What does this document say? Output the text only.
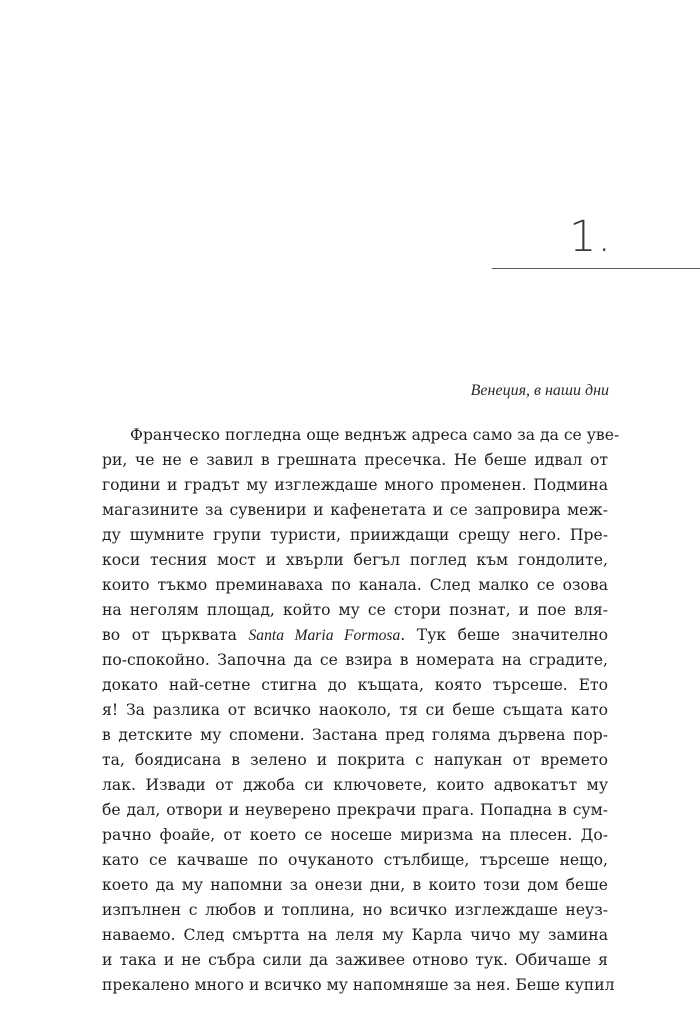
1.
Венеция, в наши дни
Франческо погледна още веднъж адреса само за да се увe-
ри, че не е завил в грешната пресечка. Не беше идвал от
години и градът му изглеждаше много променен. Подмина
магазините за сувенири и кафенетата и се запровира меж-
ду шумните групи туристи, прииждащи срещу него. Пре-
коси тесния мост и хвърли бегъл поглед към гондолите,
които тъкмо преминаваха по канала. След малко се озова
на неголям площад, който му се стори познат, и пое вля-
во от църквата Santa Maria Formosa. Тук беше значително
по-спокойно. Започна да се взира в номерата на сградите,
докато най-сетне стигна до къщата, която търсеше. Ето
я! За разлика от всичко наоколо, тя си беше същата като
в детските му спомени. Застана пред голяма дървена пор-
та, боядисана в зелено и покрита с напукан от времето
лак. Извади от джоба си ключовете, които адвокатът му
бе дал, отвори и неуверено прекрачи прага. Попадна в сум-
рачно фоайе, от което се носеше миризма на плесен. До-
като се качваше по очуканото стълбище, търсеше нещо,
което да му напомни за онези дни, в които този дом беше
изпълнен с любов и топлина, но всичко изглеждаше неуз-
наваемо. След смъртта на леля му Карла чичо му замина
и така и не събра сили да заживее отново тук. Обичаше я
прекалено много и всичко му напомняше за нея. Беше купил
